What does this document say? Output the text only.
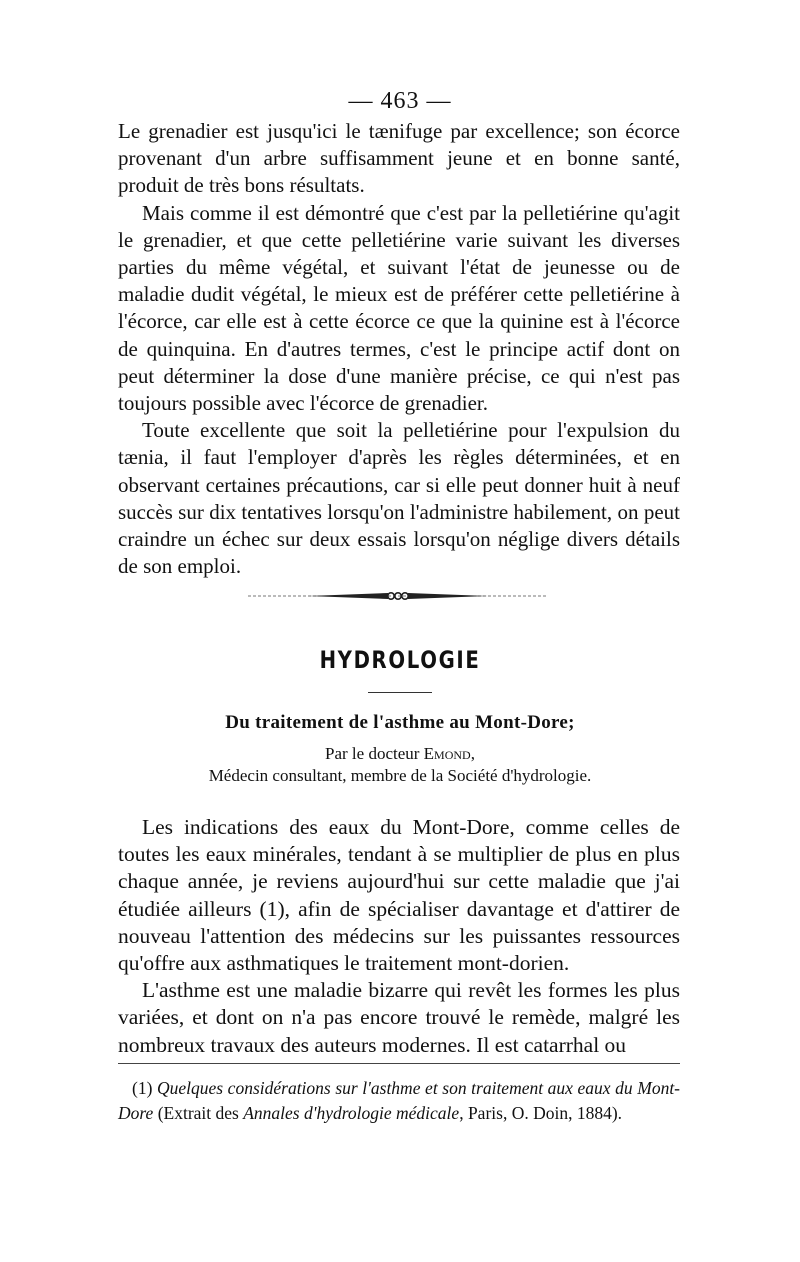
— 463 —

Le grenadier est jusqu'ici le tænifuge par excellence; son écorce provenant d'un arbre suffisamment jeune et en bonne santé, produit de très bons résultats.

Mais comme il est démontré que c'est par la pelletiérine qu'agit le grenadier, et que cette pelletiérine varie suivant les diverses parties du même végétal, et suivant l'état de jeunesse ou de maladie dudit végétal, le mieux est de préférer cette pelletiérine à l'écorce, car elle est à cette écorce ce que la quinine est à l'écorce de quinquina. En d'autres termes, c'est le principe actif dont on peut déterminer la dose d'une manière précise, ce qui n'est pas toujours possible avec l'écorce de grenadier.

Toute excellente que soit la pelletiérine pour l'expulsion du tænia, il faut l'employer d'après les règles déterminées, et en observant certaines précautions, car si elle peut donner huit à neuf succès sur dix tentatives lorsqu'on l'administre habilement, on peut craindre un échec sur deux essais lorsqu'on néglige divers détails de son emploi.

HYDROLOGIE
Du traitement de l'asthme au Mont-Dore;
Par le docteur Emond,
Médecin consultant, membre de la Société d'hydrologie.

Les indications des eaux du Mont-Dore, comme celles de toutes les eaux minérales, tendant à se multiplier de plus en plus chaque année, je reviens aujourd'hui sur cette maladie que j'ai étudiée ailleurs (1), afin de spécialiser davantage et d'attirer de nouveau l'attention des médecins sur les puissantes ressources qu'offre aux asthmatiques le traitement mont-dorien.

L'asthme est une maladie bizarre qui revêt les formes les plus variées, et dont on n'a pas encore trouvé le remède, malgré les nombreux travaux des auteurs modernes. Il est catarrhal ou

(1) Quelques considérations sur l'asthme et son traitement aux eaux du Mont-Dore (Extrait des Annales d'hydrologie médicale, Paris, O. Doin, 1884).
